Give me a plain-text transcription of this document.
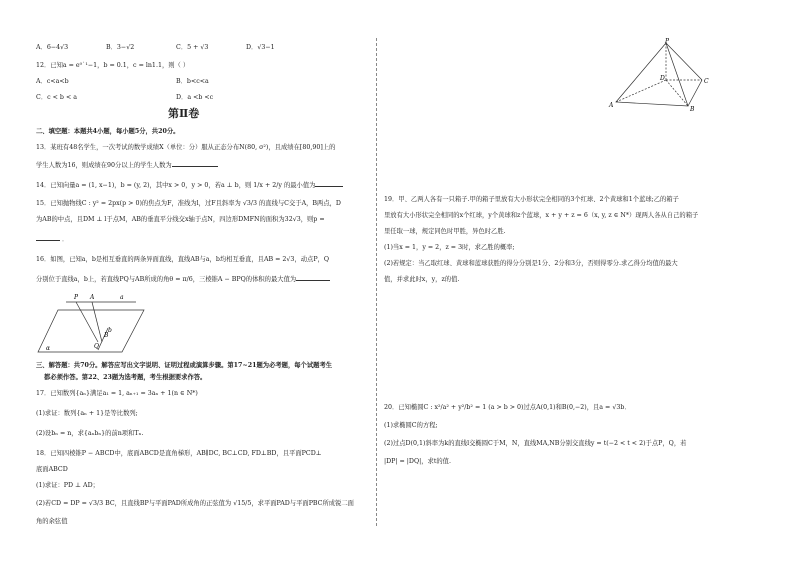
A．6−4√3	B．3−√2	C．5 + √3	D．√3−1
12．已知a = e⁰˙¹−1，b = 0.1，c = ln1.1，则（ ）
A．c<a<b	B．b<c<a
C．c < b < a	D．a <b <c
第Ⅱ卷
二、填空题：本题共4小题，每小题5分，共20分。
13．某班有48名学生，一次考试的数学成绩X（单位：分）服从正态分布N(80, σ²)，且成绩在[80,90]上的
学生人数为16，则成绩在90分以上的学生人数为
14．已知向量a = (1, x−1)，b = (y, 2)，其中x > 0，y > 0，若a ⊥ b，则 1/x + 2/y 的最小值为
15．已知抛物线C : y² = 2px(p > 0)的焦点为F，准线为l，过F且斜率为 √3/3 的直线与C交于A，B两点，D
为AB的中点，且DM ⊥ l于点M，AB的垂直平分线交x轴于点N，四边形DMFN的面积为32√3，则p =
．
16．如图，已知a，b是相互垂直的两条异面直线，直线AB与a，b均相互垂直，且AB = 2√3，动点P，Q
分别位于直线a，b上，若直线PQ与AB所成的角θ = π/6，三棱锥A − BPQ的体积的最大值为
P A	a
B
b
Q
α
三、解答题：共70分。解答应写出文字说明、证明过程或演算步骤。第17~21题为必考题，每个试题考生
都必须作答。第22、23题为选考题，考生根据要求作答。
17．已知数列{aₙ}满足a₁ = 1, aₙ₊₁ = 3aₙ + 1(n ∈ N*)
(1)求证：数列{aₙ + 1}是等比数列;
(2)设bₙ = n，求{aₙbₙ}的前n项和Tₙ.
18．已知四棱锥P − ABCD中，底面ABCD是直角梯形，AB∥DC, BC⊥CD, FD⊥BD，且平面PCD⊥
底面ABCD
(1)求证：PD ⊥ AD；
(2)若CD = DP = √3/3 BC，且直线BP与平面PAD所成角的正弦值为 √15/5，求平面PAD与平面PBC所成锐二面
角的余弦值
P
D	C
A
B
19．甲、乙两人各有一只箱子.甲的箱子里放有大小形状完全相同的3个红球、2个黄球和1个蓝球;乙的箱子
里放有大小形状完全相同的x个红球，y个黄球和z个蓝球，x + y + z = 6（x, y, z ∈ N*）现两人各从自己的箱子
里任取一球，规定同色时甲胜，异色时乙胜.
(1)当x = 1，y = 2，z = 3时，求乙胜的概率;
(2)若规定：当乙取红球、黄球和蓝球获胜的得分分别是1分、2分和3分，否则得零分.求乙得分均值的最大
值，并求此时x，y，z的值.
20．已知椭圆C : x²/a² + y²/b² = 1 (a > b > 0)过点A(0,1)和B(0,−2)，且a = √3b．
(1)求椭圆C的方程;
(2)过点D(0,1)斜率为k的直线l交椭圆C于M，N，直线MA,NB分别交直线y = t(−2 < t < 2)于点P，Q，若
|DP| = |DQ|，求t的值.
